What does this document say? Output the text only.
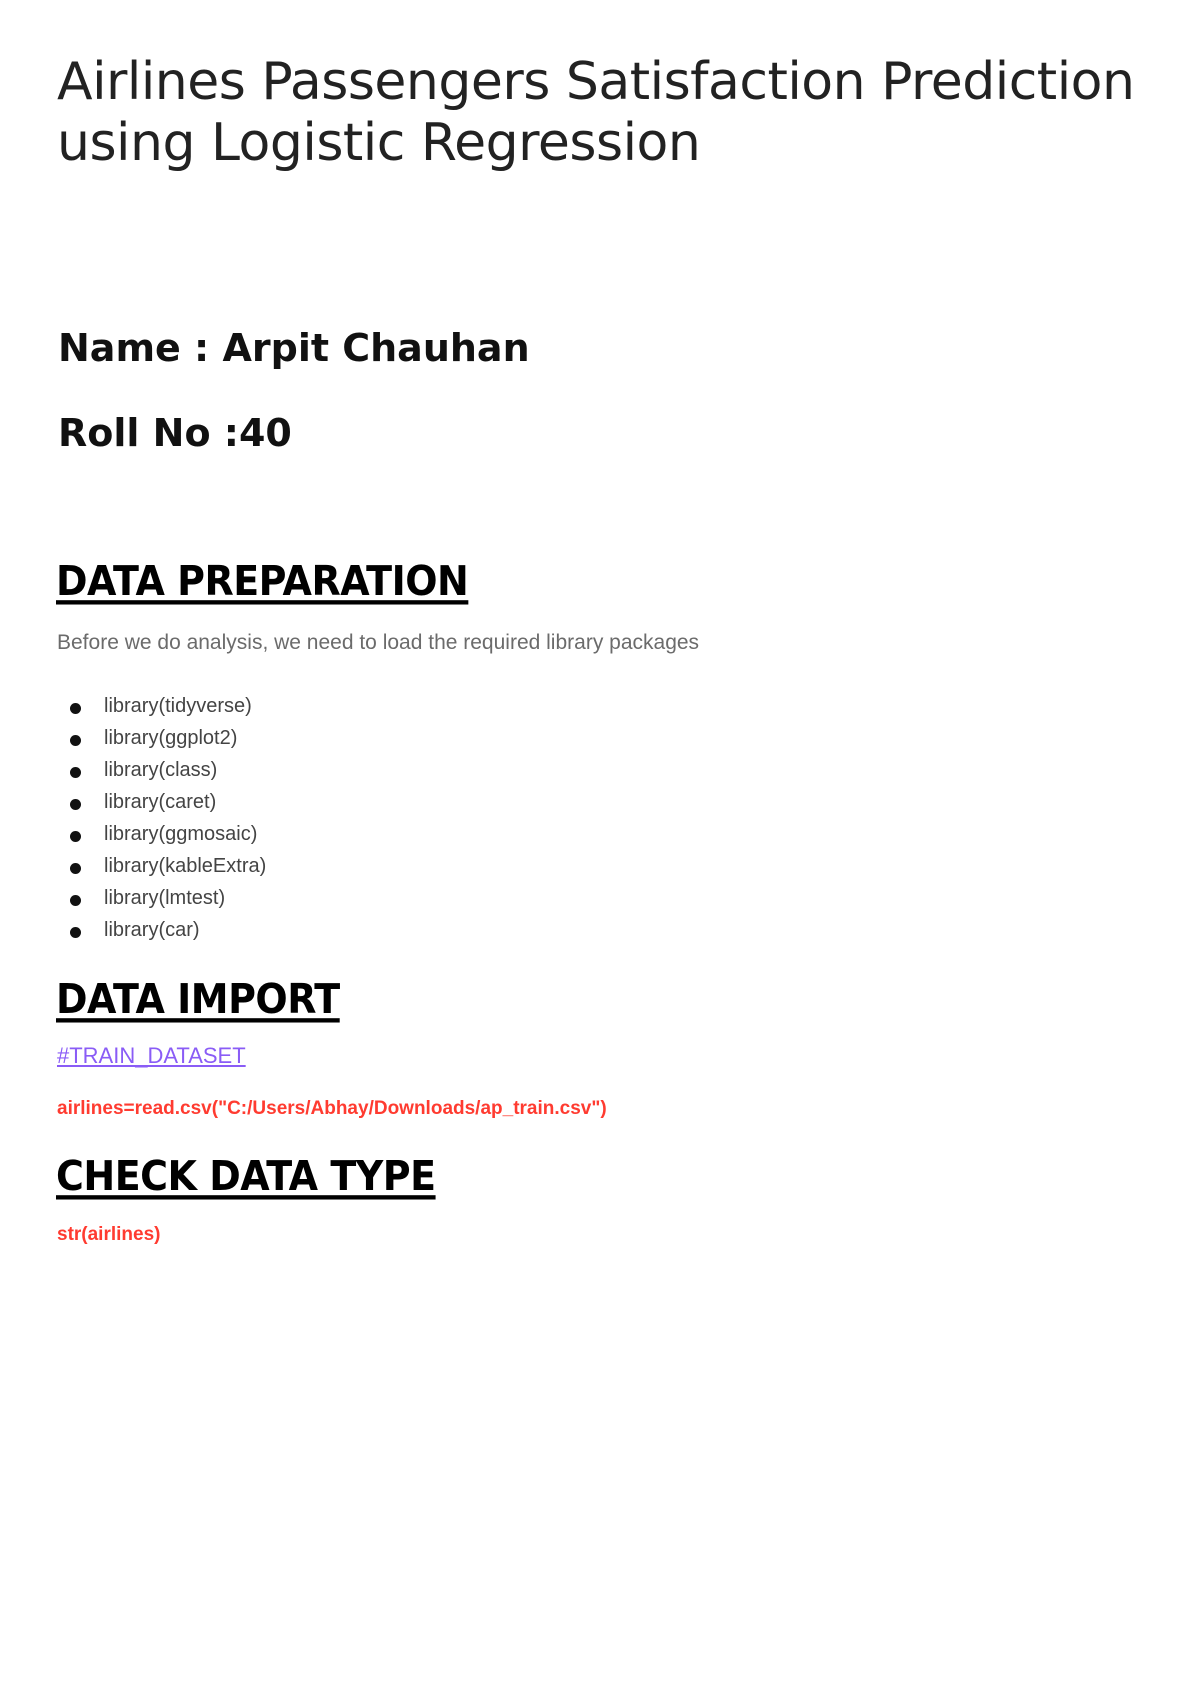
Airlines Passengers Satisfaction Prediction using Logistic Regression

Name : Arpit Chauhan

Roll No :40

DATA PREPARATION

Before we do analysis, we need to load the required library packages

library(tidyverse)
library(ggplot2)
library(class)
library(caret)
library(ggmosaic)
library(kableExtra)
library(lmtest)
library(car)
DATA IMPORT
#TRAIN_DATASET

airlines=read.csv("C:/Users/Abhay/Downloads/ap_train.csv")

CHECK DATA TYPE

str(airlines)
